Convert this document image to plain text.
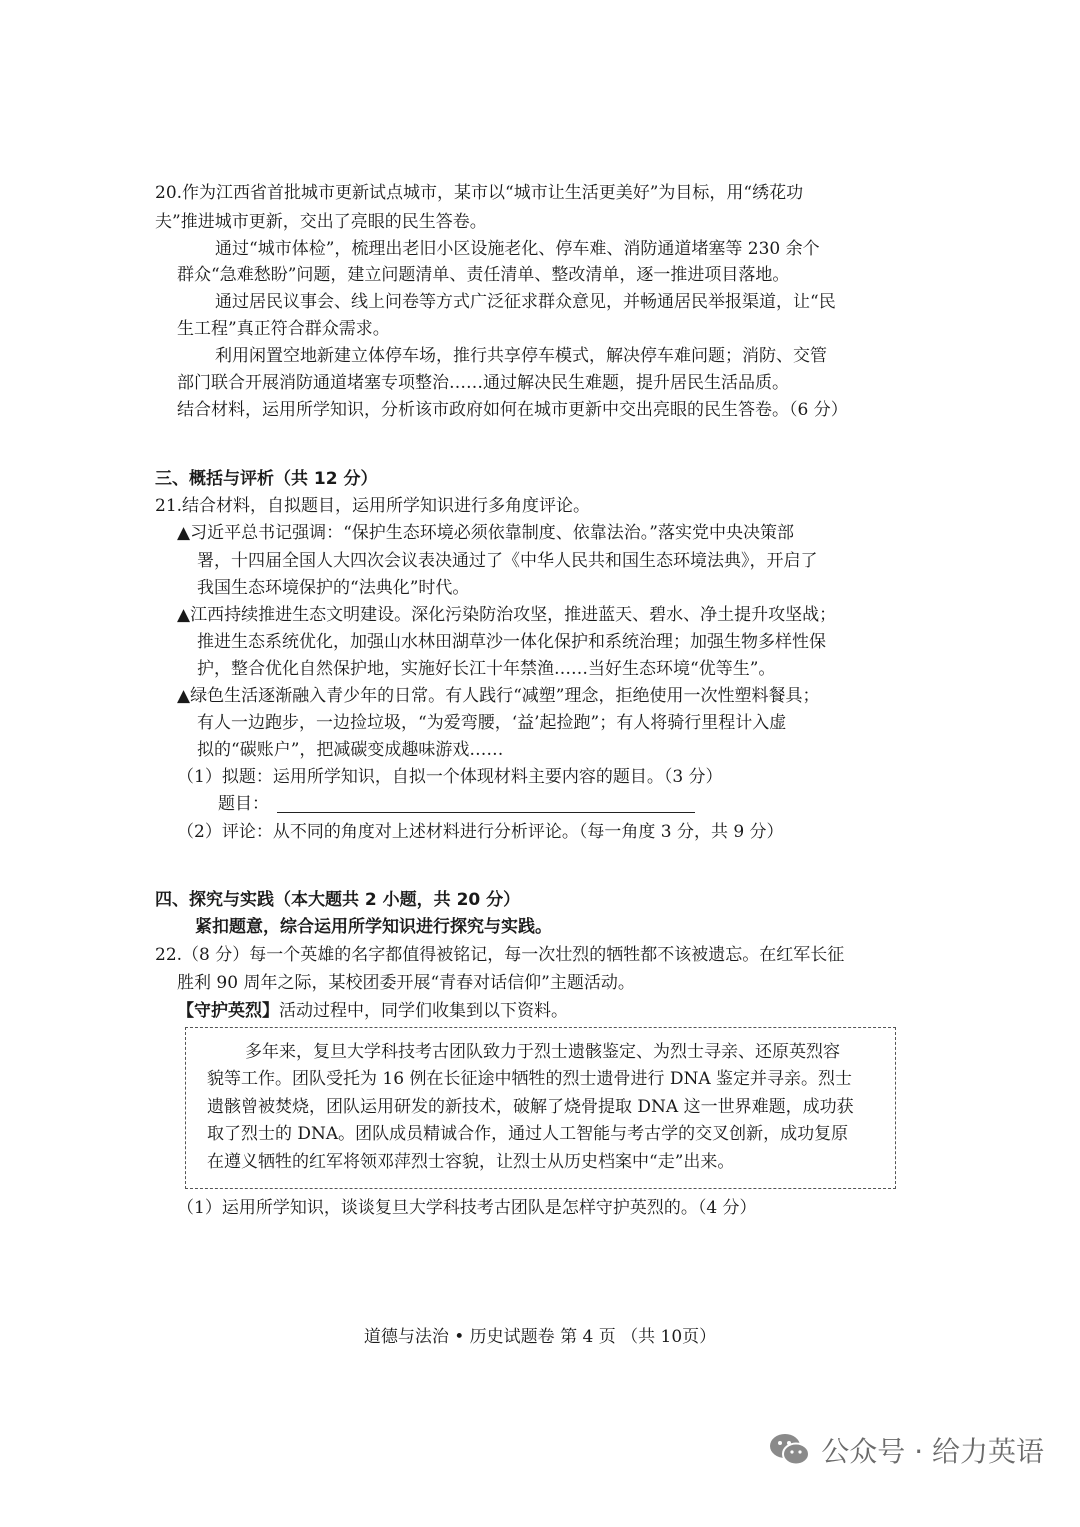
20.作为江西省首批城市更新试点城市，某市以“城市让生活更美好”为目标，用“绣花功
夫”推进城市更新，交出了亮眼的民生答卷。
通过“城市体检”，梳理出老旧小区设施老化、停车难、消防通道堵塞等 230 余个
群众“急难愁盼”问题，建立问题清单、责任清单、整改清单，逐一推进项目落地。
通过居民议事会、线上问卷等方式广泛征求群众意见，并畅通居民举报渠道，让“民
生工程”真正符合群众需求。
利用闲置空地新建立体停车场，推行共享停车模式，解决停车难问题；消防、交管
部门联合开展消防通道堵塞专项整治……通过解决民生难题，提升居民生活品质。
结合材料，运用所学知识，分析该市政府如何在城市更新中交出亮眼的民生答卷。（6 分）
三、概括与评析（共 12 分）
21.结合材料，自拟题目，运用所学知识进行多角度评论。
▲习近平总书记强调：“保护生态环境必须依靠制度、依靠法治。”落实党中央决策部
署，十四届全国人大四次会议表决通过了《中华人民共和国生态环境法典》，开启了
我国生态环境保护的“法典化”时代。
▲江西持续推进生态文明建设。深化污染防治攻坚，推进蓝天、碧水、净土提升攻坚战；
推进生态系统优化，加强山水林田湖草沙一体化保护和系统治理；加强生物多样性保
护，整合优化自然保护地，实施好长江十年禁渔……当好生态环境“优等生”。
▲绿色生活逐渐融入青少年的日常。有人践行“减塑”理念，拒绝使用一次性塑料餐具；
有人一边跑步，一边捡垃圾，“为爱弯腰，‘益’起捡跑”；有人将骑行里程计入虚
拟的“碳账户”，把减碳变成趣味游戏……
（1）拟题：运用所学知识，自拟一个体现材料主要内容的题目。（3 分）
题目：
（2）评论：从不同的角度对上述材料进行分析评论。（每一角度 3 分，共 9 分）
四、探究与实践（本大题共 2 小题，共 20 分）
紧扣题意，综合运用所学知识进行探究与实践。
22.（8 分）每一个英雄的名字都值得被铭记，每一次壮烈的牺牲都不该被遗忘。在红军长征
胜利 90 周年之际，某校团委开展“青春对话信仰”主题活动。
【守护英烈】活动过程中，同学们收集到以下资料。
多年来，复旦大学科技考古团队致力于烈士遗骸鉴定、为烈士寻亲、还原英烈容
貌等工作。团队受托为 16 例在长征途中牺牲的烈士遗骨进行 DNA 鉴定并寻亲。烈士
遗骸曾被焚烧，团队运用研发的新技术，破解了烧骨提取 DNA 这一世界难题，成功获
取了烈士的 DNA。团队成员精诚合作，通过人工智能与考古学的交叉创新，成功复原
在遵义牺牲的红军将领邓萍烈士容貌，让烈士从历史档案中“走”出来。
（1）运用所学知识，谈谈复旦大学科技考古团队是怎样守护英烈的。（4 分）
道德与法治 • 历史试题卷 第 4 页 （共 10页）
公众号 · 给力英语
